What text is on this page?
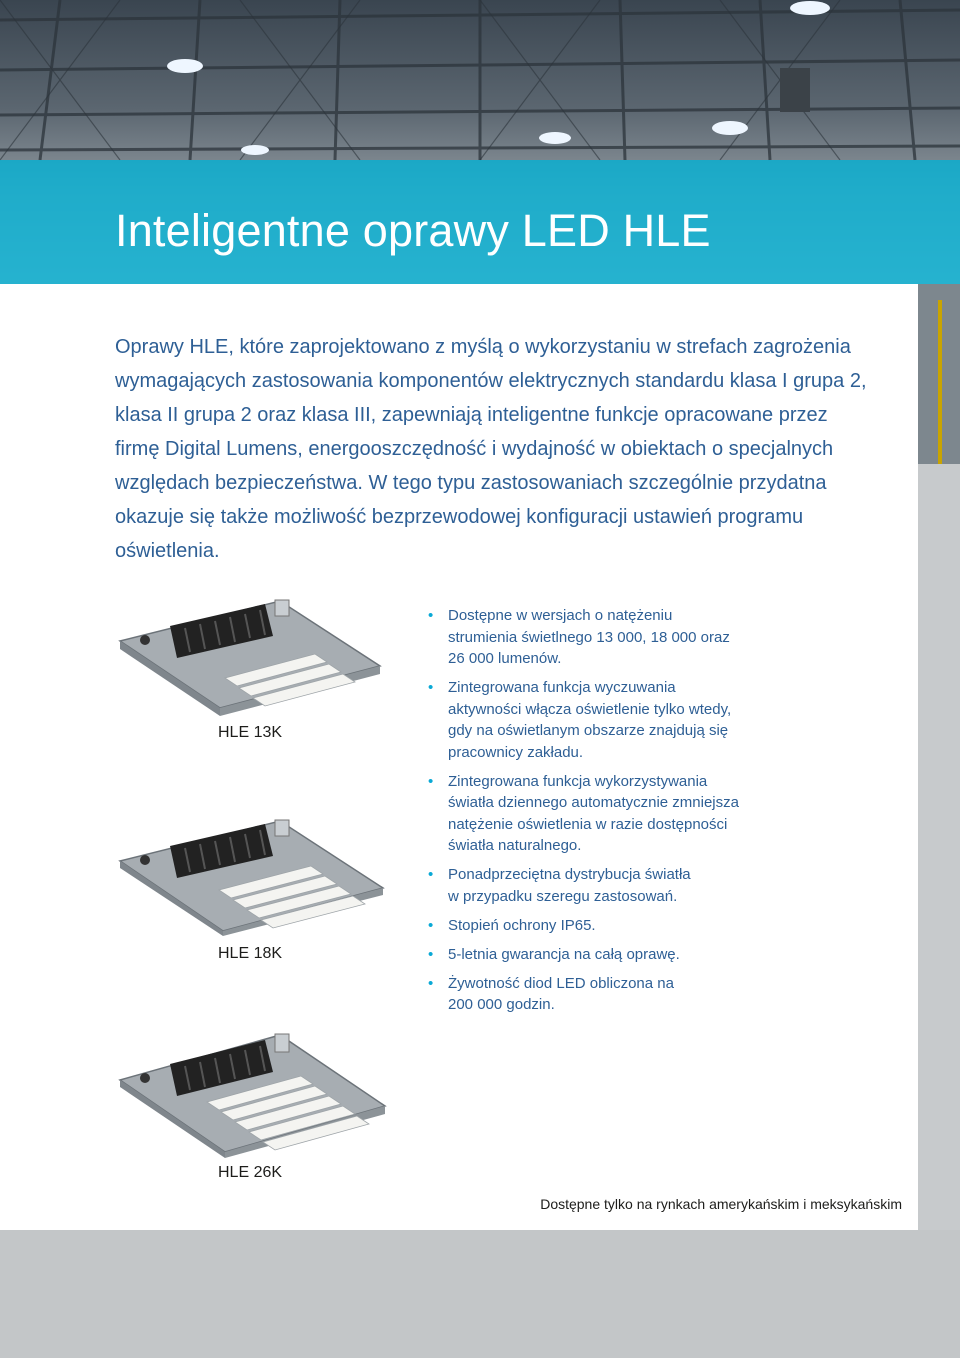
Inteligentne oprawy LED HLE

Oprawy HLE, które zaprojektowano z myślą o wykorzystaniu w strefach zagrożenia wymagających zastosowania komponentów elektrycznych standardu klasa I grupa 2, klasa II grupa 2 oraz klasa III, zapewniają inteligentne funkcje opracowane przez firmę Digital Lumens, energooszczędność i wydajność w obiektach o specjalnych względach bezpieczeństwa. W tego typu zastosowaniach szczególnie przydatna okazuje się także możliwość bezprzewodowej konfiguracji ustawień programu oświetlenia.

HLE 13K
HLE 18K
HLE 26K
• Dostępne w wersjach o natężeniu
strumienia świetlnego 13 000, 18 000 oraz
26 000 lumenów.
• Zintegrowana funkcja wyczuwania
aktywności włącza oświetlenie tylko wtedy,
gdy na oświetlanym obszarze znajdują się
pracownicy zakładu.
• Zintegrowana funkcja wykorzystywania
światła dziennego automatycznie zmniejsza
natężenie oświetlenia w razie dostępności
światła naturalnego.
• Ponadprzeciętna dystrybucja światła
w przypadku szeregu zastosowań.
• Stopień ochrony IP65.
• 5-letnia gwarancja na całą oprawę.
• Żywotność diod LED obliczona na
200 000 godzin.
Dostępne tylko na rynkach amerykańskim i meksykańskim
